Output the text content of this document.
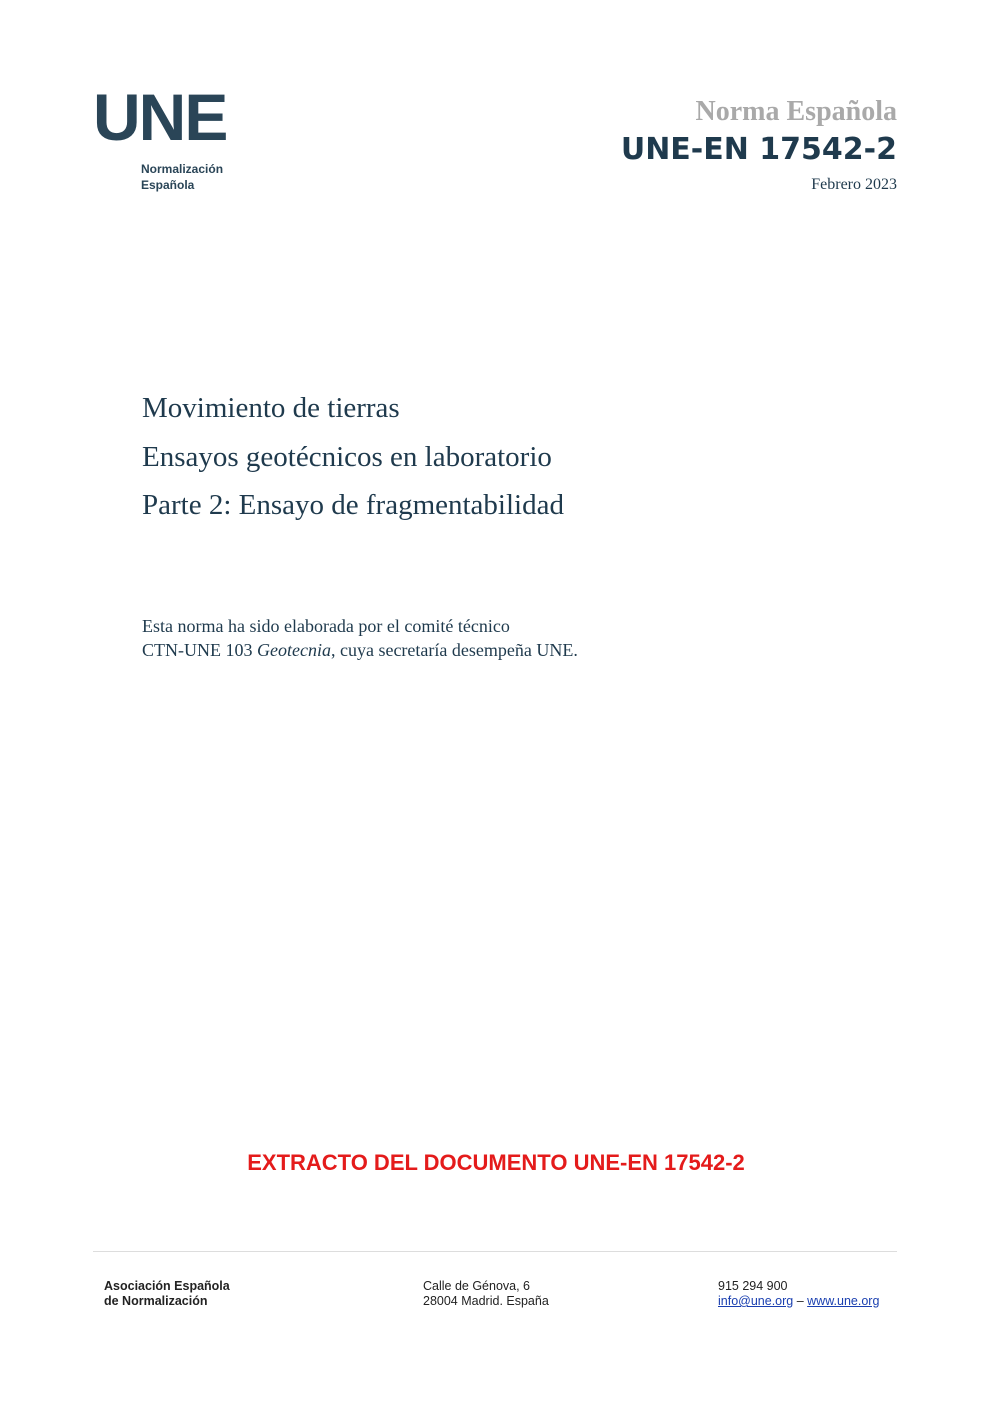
UNE
Normalización
Española
Norma Española
UNE-EN 17542-2
Febrero 2023
Movimiento de tierras
Ensayos geotécnicos en laboratorio
Parte 2: Ensayo de fragmentabilidad
Esta norma ha sido elaborada por el comité técnico
CTN-UNE 103 Geotecnia, cuya secretaría desempeña UNE.
EXTRACTO DEL DOCUMENTO UNE-EN 17542-2
Asociación Española
de Normalización
Calle de Génova, 6
28004 Madrid. España
915 294 900
info@une.org – www.une.org
